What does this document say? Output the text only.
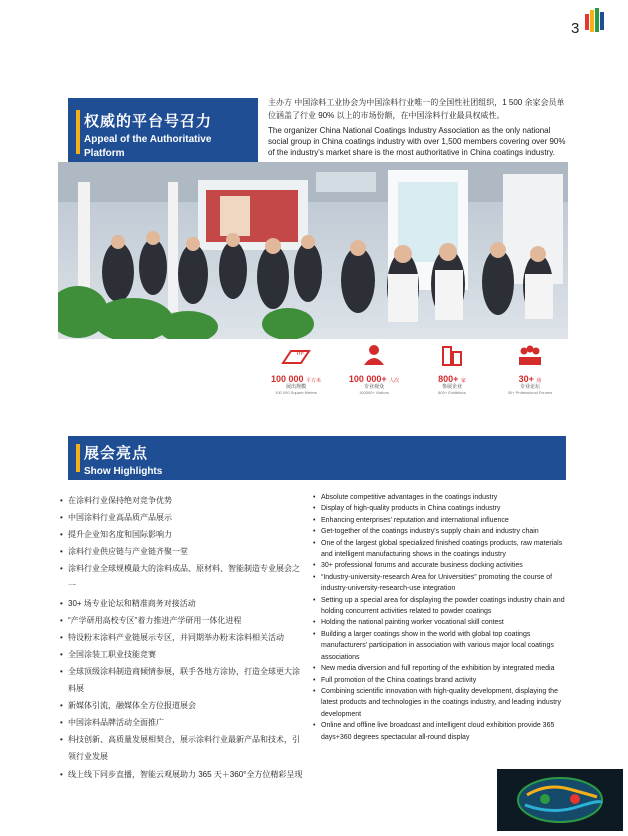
3
权威的平台号召力
Appeal of the Authoritative
Platform
主办方 中国涂料工业协会为中国涂料行业唯一的全国性社团组织，1 500 余家会员单位涵盖了行业 90% 以上的市场份额，在中国涂料行业最具权威性。
The organizer China National Coatings Industry Association as the only national social group in China coatings industry with over 1,500 members covering over 90% of the industry's market share is the most authoritative in China coatings industry.
m²
100 000 平方米
展出规模
100 000 Square Meters
100 000+ 人次
专业观众
100000+ Visitors
800+ 家
参展企业
800+ Exhibitors
30+ 场
专业论坛
30+ Professional Forums
展会亮点
Show Highlights
• 在涂料行业保持绝对竞争优势
• 中国涂料行业高品质产品展示
• 提升企业知名度和国际影响力
• 涂料行业供应链与产业链齐聚一堂
• 涂料行业全球规模最大的涂料成品、原材料、智能制造专业展会之一
• 30+ 场专业论坛和精准商务对接活动
• “产学研用高校专区”着力推进产学研用一体化进程
• 特设粉末涂料产业链展示专区，并同期举办粉末涂料相关活动
• 全国涂装工职业技能竞赛
• 全球顶级涂料制造商倾情参展，联手各地方涂协，打造全球更大涂料展
• 新媒体引流，融媒体全方位报道展会
• 中国涂料品牌活动全面推广
• 科技创新、高质量发展相契合，展示涂料行业最新产品和技术，引领行业发展
• 线上线下同步直播，智能云观展助力 365 天＋360°全方位精彩呈现
• Absolute competitive advantages in the coatings industry
• Display of high-quality products in China coatings industry
• Enhancing enterprises' reputation and international influence
• Get-together of the coatings industry's supply chain and industry chain
• One of the largest global specialized finished coatings products, raw materials and intelligent manufacturing shows in the coatings industry
• 30+ professional forums and accurate business docking activities
• “Industry-university-research Area for Universities” promoting the course of industry-university-research-use integration
• Setting up a special area for displaying the powder coatings industry chain and holding concurrent activities related to powder coatings
• Holding the national painting worker vocational skill contest
• Building a larger coatings show in the world with global top coatings manufacturers' participation in association with various major local coatings associations
• New media diversion and full reporting of the exhibition by integrated media
• Full promotion of the China coatings brand activity
• Combining scientific innovation with high-quality development, displaying the latest products and technologies in the coatings industry, and leading industry development
• Online and offline live broadcast and intelligent cloud exhibition provide 365 days+360 degrees spectacular all-round display
